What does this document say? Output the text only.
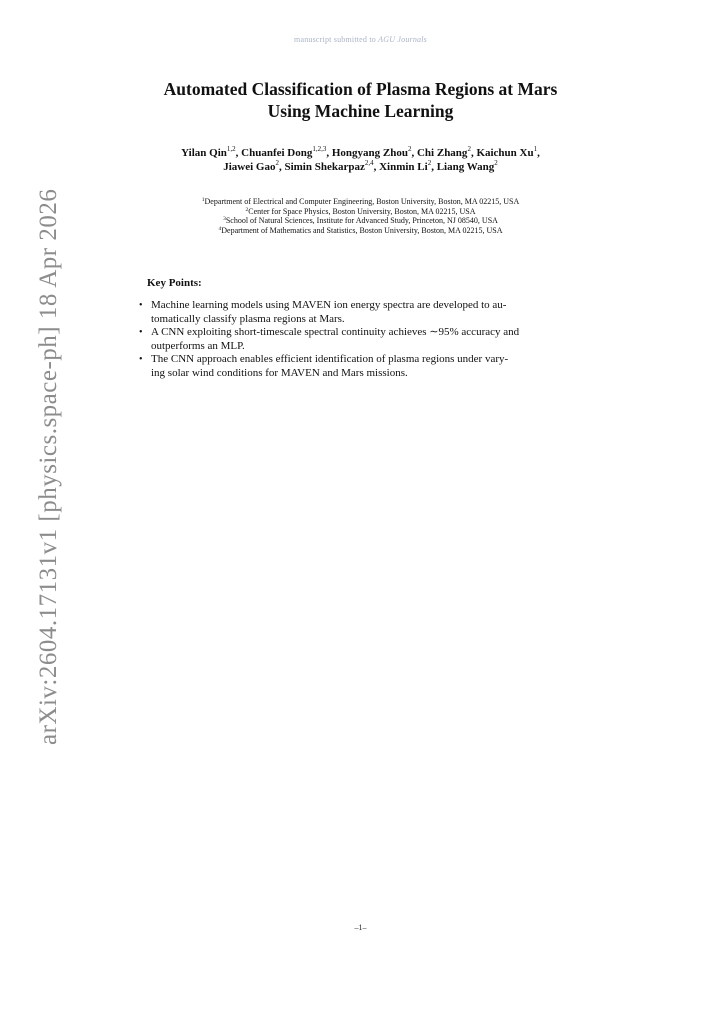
manuscript submitted to AGU Journals
arXiv:2604.17131v1 [physics.space-ph] 18 Apr 2026
Automated Classification of Plasma Regions at Mars
Using Machine Learning
Yilan Qin$^{1,2}$, Chuanfei Dong$^{1,2,3}$, Hongyang Zhou$^2$, Chi Zhang$^2$, Kaichun Xu$^1$,
Jiawei Gao$^2$, Simin Shekarpaz$^{2,4}$, Xinmin Li$^2$, Liang Wang$^2$
$^1$Department of Electrical and Computer Engineering, Boston University, Boston, MA 02215, USA
$^2$Center for Space Physics, Boston University, Boston, MA 02215, USA
$^3$School of Natural Sciences, Institute for Advanced Study, Princeton, NJ 08540, USA
$^4$Department of Mathematics and Statistics, Boston University, Boston, MA 02215, USA
Key Points:
• Machine learning models using MAVEN ion energy spectra are developed to au-
tomatically classify plasma regions at Mars.
• A CNN exploiting short-timescale spectral continuity achieves ∼95% accuracy and
outperforms an MLP.
• The CNN approach enables efficient identification of plasma regions under vary-
ing solar wind conditions for MAVEN and Mars missions.
–1–
